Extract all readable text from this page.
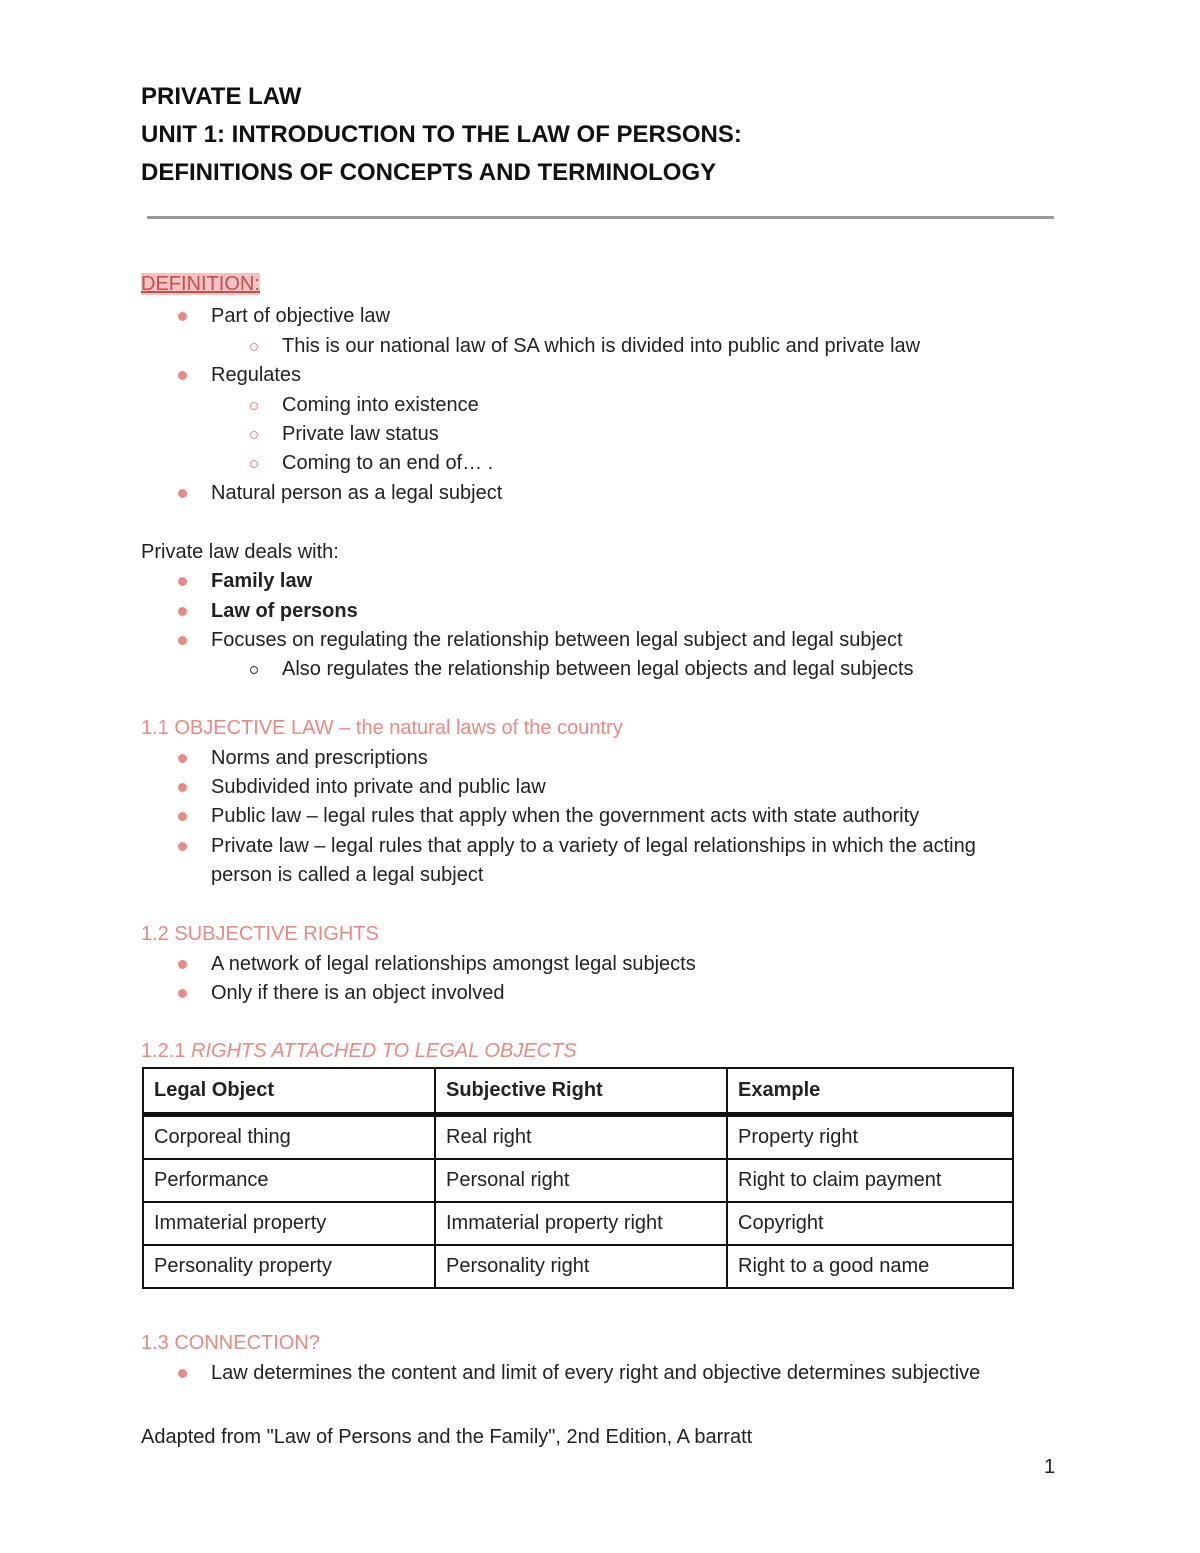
PRIVATE LAW
UNIT 1: INTRODUCTION TO THE LAW OF PERSONS:
DEFINITIONS OF CONCEPTS AND TERMINOLOGY
DEFINITION:
Part of objective law
This is our national law of SA which is divided into public and private law
Regulates
Coming into existence
Private law status
Coming to an end of… .
Natural person as a legal subject
Private law deals with:
Family law
Law of persons
Focuses on regulating the relationship between legal subject and legal subject
Also regulates the relationship between legal objects and legal subjects
1.1 OBJECTIVE LAW – the natural laws of the country
Norms and prescriptions
Subdivided into private and public law
Public law – legal rules that apply when the government acts with state authority
Private law – legal rules that apply to a variety of legal relationships in which the acting
person is called a legal subject
1.2 SUBJECTIVE RIGHTS
A network of legal relationships amongst legal subjects
Only if there is an object involved
1.2.1 RIGHTS ATTACHED TO LEGAL OBJECTS
Legal Object	Subjective Right	Example
Corporeal thing	Real right	Property right
Performance	Personal right	Right to claim payment
Immaterial property	Immaterial property right	Copyright
Personality property	Personality right	Right to a good name
1.3 CONNECTION?
Law determines the content and limit of every right and objective determines subjective
Adapted from "Law of Persons and the Family", 2nd Edition, A barratt
1
